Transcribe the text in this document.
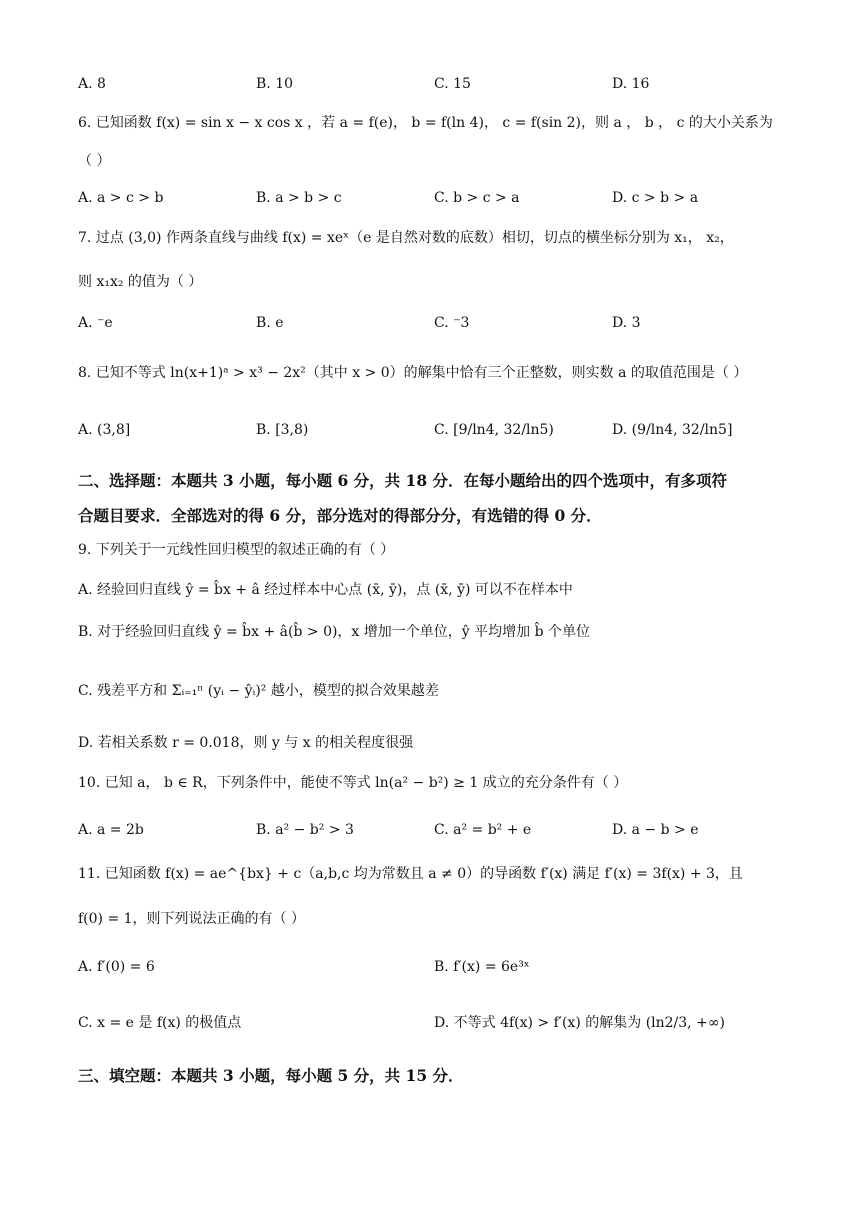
A. 8	B. 10	C. 15	D. 16
6. 已知函数 f(x) = sin x − x cos x ，若 a = f(e)， b = f(ln 4)， c = f(sin 2)，则 a ， b ， c 的大小关系为
（ ）
A. a > c > b	B. a > b > c	C. b > c > a	D. c > b > a
7. 过点 (3,0) 作两条直线与曲线 f(x) = xeˣ（e 是自然对数的底数）相切，切点的横坐标分别为 x₁， x₂，
则 x₁x₂ 的值为（ ）
A. ⁻e	B. e	C. ⁻3	D. 3
8. 已知不等式 ln(x+1)ᵃ > x³ − 2x²（其中 x > 0）的解集中恰有三个正整数，则实数 a 的取值范围是（ ）
A. (3,8]	B. [3,8)	C. [9/ln4, 32/ln5)	D. (9/ln4, 32/ln5]
二、选择题：本题共 3 小题，每小题 6 分，共 18 分．在每小题给出的四个选项中，有多项符
合题目要求．全部选对的得 6 分，部分选对的得部分分，有选错的得 0 分．
9. 下列关于一元线性回归模型的叙述正确的有（ ）
A. 经验回归直线 ŷ = b̂x + â 经过样本中心点 (x̄, ȳ)，点 (x̄, ȳ) 可以不在样本中
B. 对于经验回归直线 ŷ = b̂x + â(b̂ > 0)，x 增加一个单位，ŷ 平均增加 b̂ 个单位
C. 残差平方和 Σᵢ₌₁ⁿ (yᵢ − ŷᵢ)² 越小，模型的拟合效果越差
D. 若相关系数 r = 0.018，则 y 与 x 的相关程度很强
10. 已知 a， b ∈ R，下列条件中，能使不等式 ln(a² − b²) ≥ 1 成立的充分条件有（ ）
A. a = 2b	B. a² − b² > 3	C. a² = b² + e	D. a − b > e
11. 已知函数 f(x) = ae^{bx} + c（a,b,c 均为常数且 a ≠ 0）的导函数 f′(x) 满足 f′(x) = 3f(x) + 3，且
f(0) = 1，则下列说法正确的有（ ）
A. f′(0) = 6	B. f′(x) = 6e³ˣ
C. x = e 是 f(x) 的极值点	D. 不等式 4f(x) > f′(x) 的解集为 (ln2/3, +∞)
三、填空题：本题共 3 小题，每小题 5 分，共 15 分．
